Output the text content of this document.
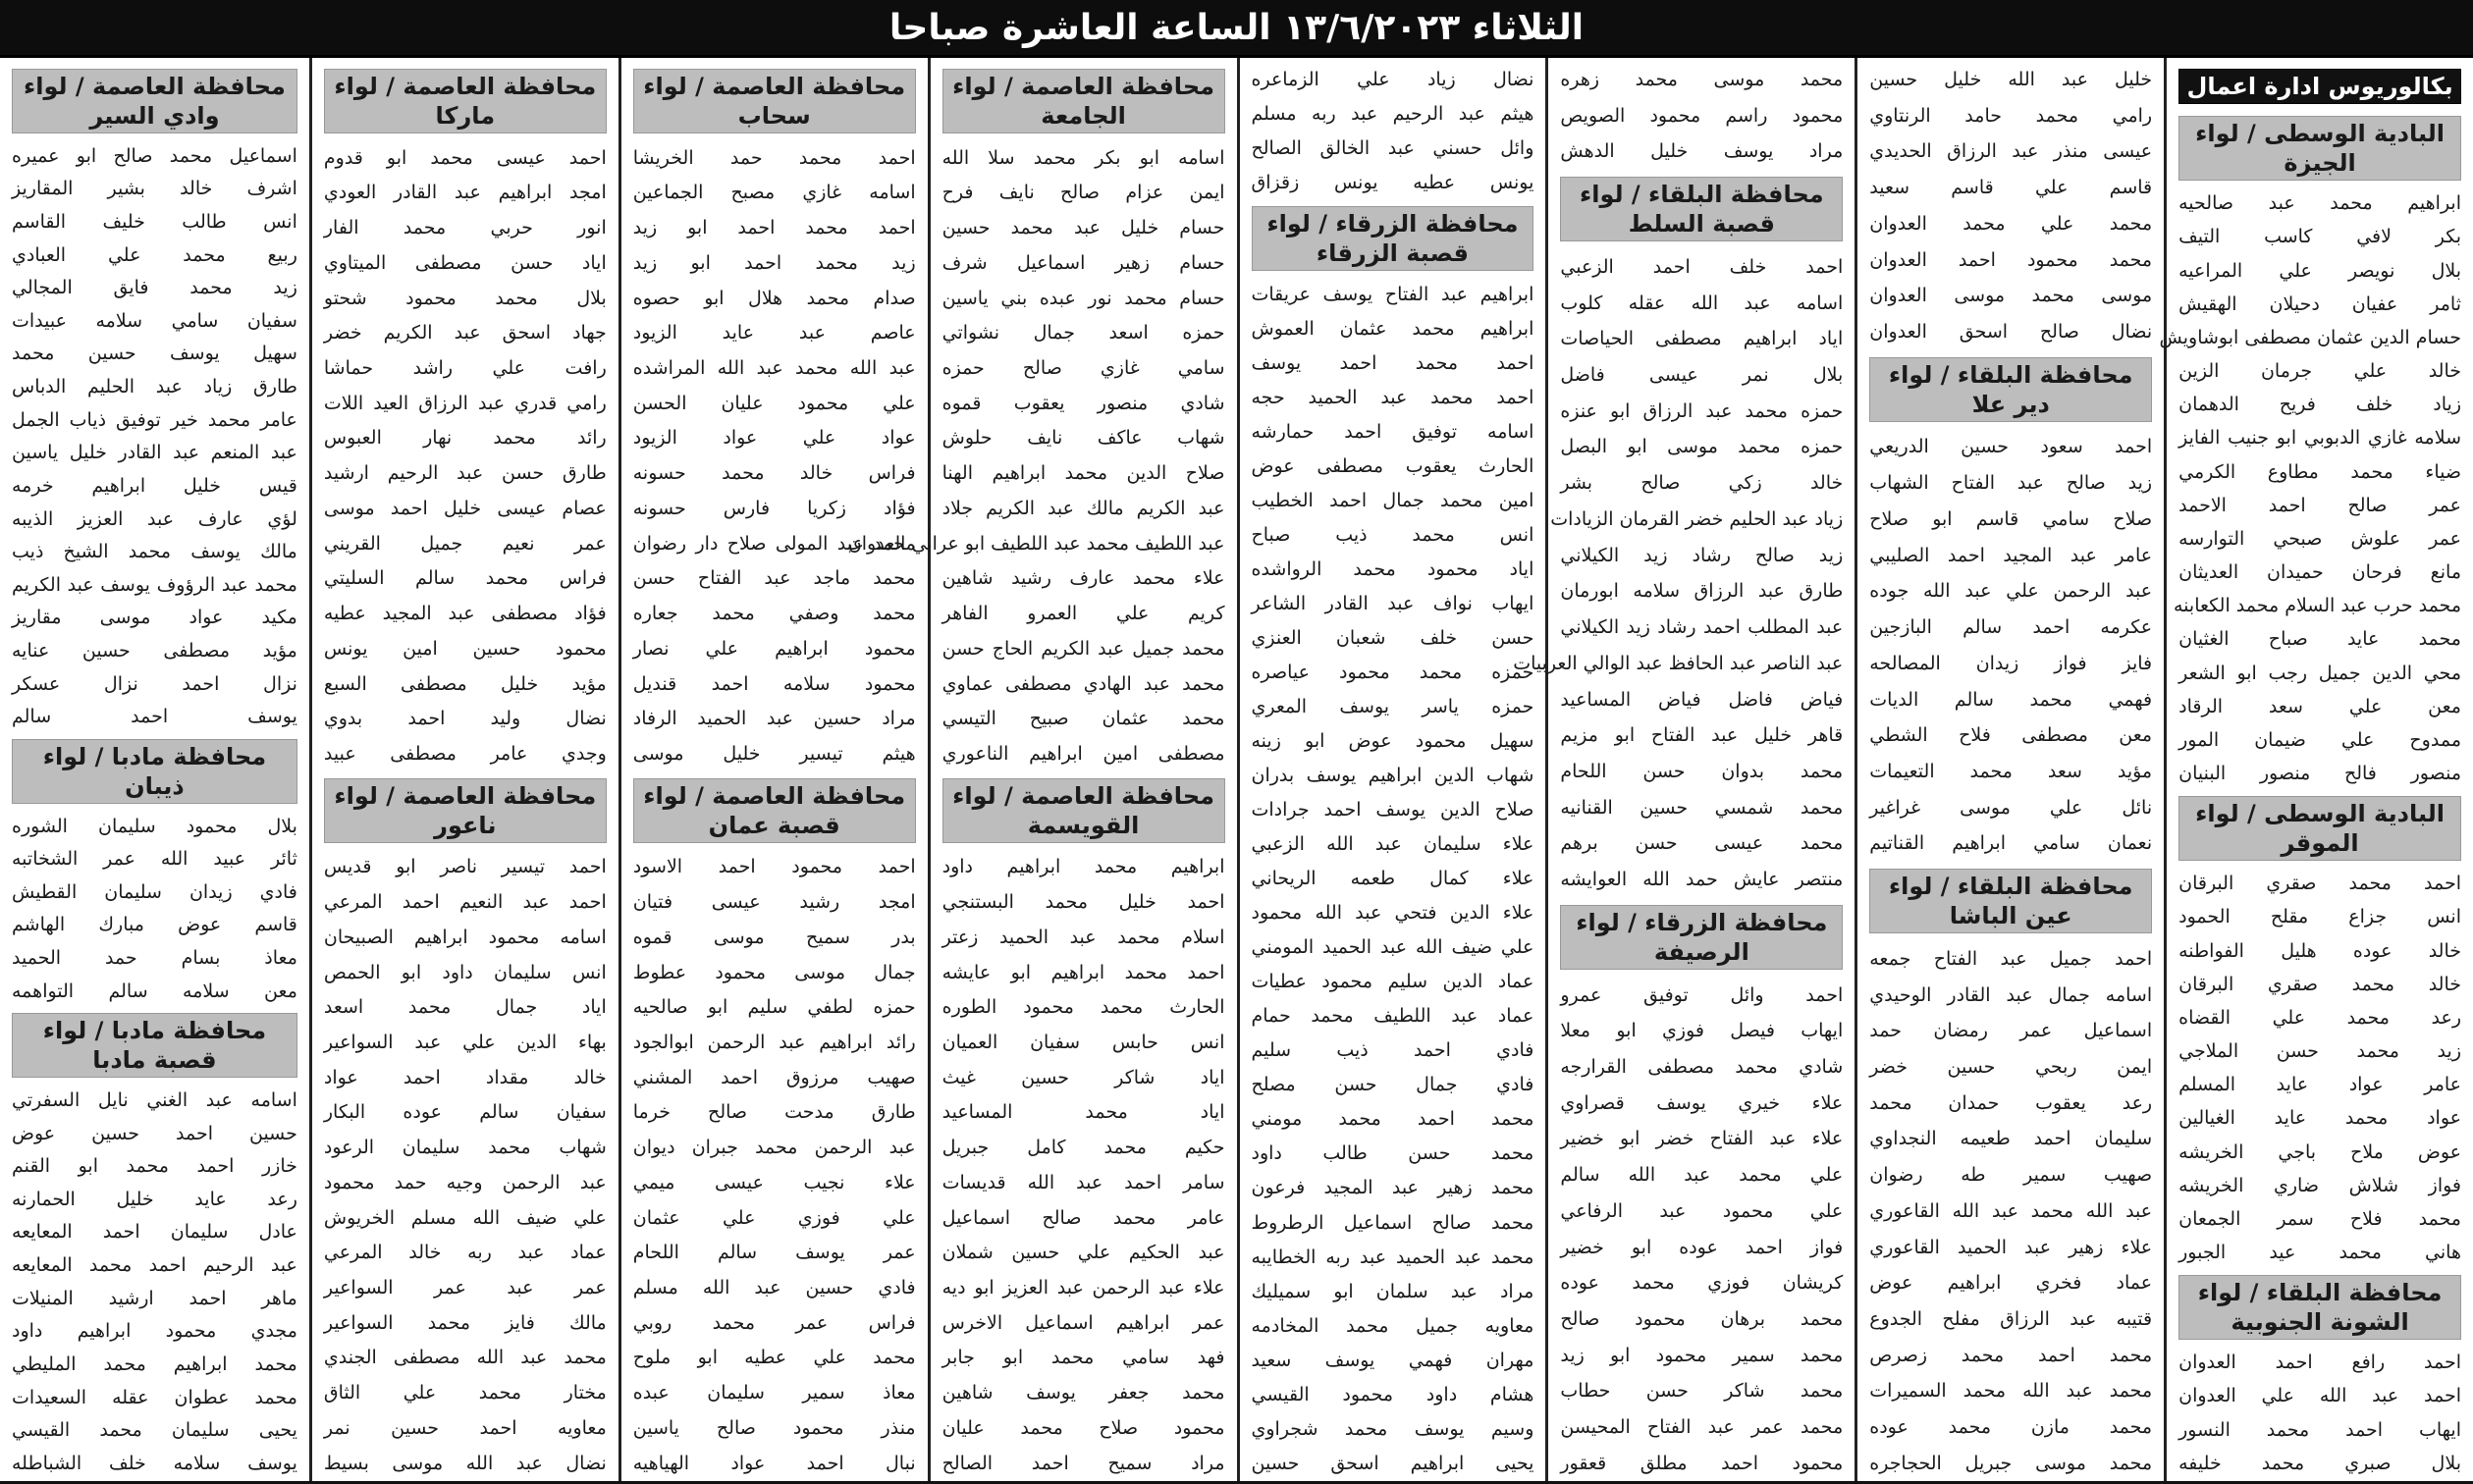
الثلاثاء ١٣/٦/٢٠٢٣ الساعة العاشرة صباحا
بكالوريوس ادارة اعمال
البادية الوسطى / لواء الجيزة
ابراهيم محمد عبد صالحيه
بكر لافي كاسب التيف
بلال نويصر علي المراعيه
ثامر عفيان دحيلان الهقيش
حسام الدين عثمان مصطفى ابوشاويش
خالد علي جرمان الزين
زياد خلف فريح الدهمان
سلامه غازي الدبوبي ابو جنيب الفايز
ضياء محمد مطاوع الكرمي
عمر صالح احمد الاحمد
عمر علوش صبحي التوارسه
مانع فرحان حميدان العديثان
محمد حرب عبد السلام محمد الكعابنه
محمد عايد صباح الغثيان
محي الدين جميل رجب ابو الشعر
معن علي سعد الرقاد
ممدوح علي ضيمان المور
منصور فالح منصور البنيان
البادية الوسطى / لواء الموقر
احمد محمد صقري البرقان
انس جزاع مقلح الحمود
خالد عوده هليل الفواطنه
خالد محمد صقري البرقان
رعد محمد علي القضاه
زيد محمد حسن الملاجي
عامر عواد عايد المسلم
عواد محمد عايد الغيالين
عوض ملاح باجي الخريشه
فواز شلاش ضاري الخريشه
محمد فلاح سمر الجمعان
هاني محمد عيد الجبور
محافظة البلقاء / لواء الشونة الجنوبية
احمد رافع احمد العدوان
احمد عبد الله علي العدوان
ايهاب احمد محمد النسور
بلال صبري محمد خليفه
خليل عبد الله خليل حسين
رامي محمد حامد الرنتاوي
عيسى منذر عبد الرزاق الحديدي
قاسم علي قاسم سعيد
محمد علي محمد العدوان
محمد محمود احمد العدوان
موسى محمد موسى العدوان
نضال صالح اسحق العدوان
محافظة البلقاء / لواء دير علا
احمد سعود حسين الدريعي
زيد صالح عبد الفتاح الشهاب
صلاح سامي قاسم ابو صلاح
عامر عبد المجيد احمد الصليبي
عبد الرحمن علي عبد الله جوده
عكرمه احمد سالم البازجين
فايز فواز زيدان المصالحه
فهمي محمد سالم الديات
معن مصطفى فلاح الشطي
مؤيد سعد محمد التعيمات
نائل علي موسى غراغير
نعمان سامي ابراهيم القناتيم
محافظة البلقاء / لواء عين الباشا
احمد جميل عبد الفتاح جمعه
اسامه جمال عبد القادر الوحيدي
اسماعيل عمر رمضان حمد
ايمن ربحي حسين خضر
رعد يعقوب حمدان محمد
سليمان احمد طعيمه النجداوي
صهيب سمير طه رضوان
عبد الله محمد عبد الله القاعوري
علاء زهير عبد الحميد القاعوري
عماد فخري ابراهيم عوض
قتيبه عبد الرزاق مفلح الجدوع
محمد احمد محمد زصرص
محمد عبد الله محمد السميرات
محمد مازن محمد عوده
محمد موسى جبريل الحجاجره
محمد موسى محمد زهره
محمود راسم محمود الصويص
مراد يوسف خليل الدهش
محافظة البلقاء / لواء قصبة السلط
احمد خلف احمد الزعبي
اسامه عبد الله عقله كلوب
اياد ابراهيم مصطفى الحياصات
بلال نمر عيسى فاضل
حمزه محمد عبد الرزاق ابو عنزه
حمزه محمد موسى ابو البصل
خالد زكي صالح بشر
زياد عبد الحليم خضر القرمان الزيادات
زيد صالح رشاد زيد الكيلاني
طارق عبد الرزاق سلامه ابورمان
عبد المطلب احمد رشاد زيد الكيلاني
عبد الناصر عبد الحافظ عبد الوالي العربيات
فياض فاضل فياض المساعيد
قاهر خليل عبد الفتاح ابو مزيم
محمد بدوان حسن اللحام
محمد شمسي حسين القنانيه
محمد عيسى حسن برهم
منتصر عايش حمد الله العوايشه
محافظة الزرقاء / لواء الرصيفة
احمد وائل توفيق عمرو
ايهاب فيصل فوزي ابو معلا
شادي محمد مصطفى القرارجه
علاء خيري يوسف قصراوي
علاء عبد الفتاح خضر ابو خضير
علي محمد عبد الله سالم
علي محمود عبد الرفاعي
فواز احمد عوده ابو خضير
كريشان فوزي محمد عوده
محمد برهان محمود صالح
محمد سمير محمود ابو زيد
محمد شاكر حسن حطاب
محمد عمر عبد الفتاح المحيسن
محمود احمد مطلق قعقور
نضال زياد علي الزماعره
هيثم عبد الرحيم عبد ربه مسلم
وائل حسني عبد الخالق الصالح
يونس عطيه يونس زقزاق
محافظة الزرقاء / لواء قصبة الزرقاء
ابراهيم عبد الفتاح يوسف عريقات
ابراهيم محمد عثمان العموش
احمد محمد احمد يوسف
احمد محمد عبد الحميد حجه
اسامه توفيق احمد حمارشه
الحارث يعقوب مصطفى عوض
امين محمد جمال احمد الخطيب
انس محمد ذيب صباح
اياد محمود محمد الرواشده
ايهاب نواف عبد القادر الشاعر
حسن خلف شعبان العنزي
حمزه محمد محمود عياصره
حمزه ياسر يوسف المعري
سهيل محمود عوض ابو زينه
شهاب الدين ابراهيم يوسف بدران
صلاح الدين يوسف احمد جرادات
علاء سليمان عبد الله الزعبي
علاء كمال طعمه الريحاني
علاء الدين فتحي عبد الله محمود
علي ضيف الله عبد الحميد المومني
عماد الدين سليم محمود عطيات
عماد عبد اللطيف محمد حمام
فادي احمد ذيب سليم
فادي جمال حسن مصلح
محمد احمد محمد مومني
محمد حسن طالب داود
محمد زهير عبد المجيد فرعون
محمد صالح اسماعيل الرطروط
محمد عبد الحميد عبد ربه الخطايبه
مراد عبد سلمان ابو سميليك
معاويه جميل محمد المخادمه
مهران فهمي يوسف سعيد
هشام داود محمود القيسي
وسيم يوسف محمد شجراوي
يحيى ابراهيم اسحق حسين
محافظة العاصمة / لواء الجامعة
اسامه ابو بكر محمد سلا الله
ايمن عزام صالح نايف فرح
حسام خليل عبد محمد حسين
حسام زهير اسماعيل شرف
حسام محمد نور عبده بني ياسين
حمزه اسعد جمال نشواتي
سامي غازي صالح حمزه
شادي منصور يعقوب قموه
شهاب عاكف نايف حلوش
صلاح الدين محمد ابراهيم الهنا
عبد الكريم مالك عبد الكريم جلاد
عبد اللطيف محمد عبد اللطيف ابو عرابي العدوان
علاء محمد عارف رشيد شاهين
كريم علي العمرو الفاهر
محمد جميل عبد الكريم الحاج حسن
محمد عبد الهادي مصطفى عماوي
محمد عثمان صبيح التيسي
مصطفى امين ابراهيم الناعوري
محافظة العاصمة / لواء القويسمة
ابراهيم محمد ابراهيم داود
احمد خليل محمد البستنجي
اسلام محمد عبد الحميد زعتر
احمد محمد ابراهيم ابو عايشه
الحارث محمد محمود الطوره
انس حابس سفيان العميان
اياد شاكر حسين غيث
اياد محمد المساعيد
حكيم محمد كامل جبريل
سامر احمد عبد الله قديسات
عامر محمد صالح اسماعيل
عبد الحكيم علي حسين شملان
علاء عبد الرحمن عبد العزيز ابو ديه
عمر ابراهيم اسماعيل الاخرس
فهد سامي محمد ابو جابر
محمد جعفر يوسف شاهين
محمود صلاح محمد عليان
مراد سميح احمد الصالح
محافظة العاصمة / لواء سحاب
احمد محمد حمد الخريشا
اسامه غازي مصبح الجماعين
احمد محمد احمد ابو زيد
زيد محمد احمد ابو زيد
صدام محمد هلال ابو حصوه
عاصم عبد عايد الزيود
عبد الله محمد عبد الله المراشده
علي محمود عليان الحسن
عواد علي عواد الزيود
فراس خالد محمد حسونه
فؤاد زكريا فارس حسونه
محمد عبد المولى صلاح دار رضوان
محمد ماجد عبد الفتاح حسن
محمد وصفي محمد جعاره
محمود ابراهيم علي نصار
محمود سلامه احمد قنديل
مراد حسين عبد الحميد الرفاد
هيثم تيسير خليل موسى
محافظة العاصمة / لواء قصبة عمان
احمد محمود احمد الاسود
امجد رشيد عيسى فتيان
بدر سميح موسى قموه
جمال موسى محمود عطوط
حمزه لطفي سليم ابو صالحيه
رائد ابراهيم عبد الرحمن ابوالجود
صهيب مرزوق احمد المشني
طارق مدحت صالح خرما
عبد الرحمن محمد جبران ديوان
علاء نجيب عيسى ميمي
علي فوزي علي عثمان
عمر يوسف سالم اللحام
فادي حسين عبد الله مسلم
فراس عمر محمد روبي
محمد علي عطيه ابو ملوح
معاذ سمير سليمان عبده
منذر محمود صالح ياسين
نبال احمد عواد الهياهيه
محافظة العاصمة / لواء ماركا
احمد عيسى محمد ابو قدوم
امجد ابراهيم عبد القادر العودي
انور حربي محمد الفار
اياد حسن مصطفى الميتاوي
بلال محمد محمود شحتو
جهاد اسحق عبد الكريم خضر
رافت علي راشد حماشا
رامي قدري عبد الرزاق العيد اللات
رائد محمد نهار العبوس
طارق حسن عبد الرحيم ارشيد
عصام عيسى خليل احمد موسى
عمر نعيم جميل القريني
فراس محمد سالم السليتي
فؤاد مصطفى عبد المجيد عطيه
محمود حسين امين يونس
مؤيد خليل مصطفى السبع
نضال وليد احمد بدوي
وجدي عامر مصطفى عبيد
محافظة العاصمة / لواء ناعور
احمد تيسير ناصر ابو قديس
احمد عبد النعيم احمد المرعي
اسامه محمود ابراهيم الصبيحان
انس سليمان داود ابو الحمص
اياد جمال محمد اسعد
بهاء الدين علي عبد السواعير
خالد مقداد احمد عواد
سفيان سالم عوده البكار
شهاب محمد سليمان الرعود
عبد الرحمن وجيه حمد محمود
علي ضيف الله مسلم الخريوش
عماد عبد ربه خالد المرعي
عمر عبد عمر السواعير
مالك فايز محمد السواعير
محمد عبد الله مصطفى الجندي
مختار محمد علي الثاق
معاويه احمد حسين نمر
نضال عبد الله موسى بسيط
محافظة العاصمة / لواء وادي السير
اسماعيل محمد صالح ابو عميره
اشرف خالد بشير المقاريز
انس طالب خليف القاسم
ربيع محمد علي العبادي
زيد محمد فايق المجالي
سفيان سامي سلامه عبيدات
سهيل يوسف حسين محمد
طارق زياد عبد الحليم الدباس
عامر محمد خير توفيق ذياب الجمل
عبد المنعم عبد القادر خليل ياسين
قيس خليل ابراهيم خرمه
لؤي عارف عبد العزيز الذيبه
مالك يوسف محمد الشيخ ذيب
محمد عبد الرؤوف يوسف عبد الكريم
مكيد عواد موسى مقاريز
مؤيد مصطفى حسين عنايه
نزال احمد نزال عسكر
يوسف احمد سالم
محافظة مادبا / لواء ذيبان
بلال محمود سليمان الشوره
ثائر عبيد الله عمر الشخاتبه
فادي زيدان سليمان القطيش
قاسم عوض مبارك الهاشم
معاذ بسام حمد الحميد
معن سلامه سالم التواهمه
محافظة مادبا / لواء قصبة مادبا
اسامه عبد الغني نايل السفرتي
حسين احمد حسين عوض
خازر احمد محمد ابو القنم
رعد عايد خليل الحمارنه
عادل سليمان احمد المعايعه
عبد الرحيم احمد محمد المعايعه
ماهر احمد ارشيد المنيلات
مجدي محمود ابراهيم داود
محمد ابراهيم محمد المليطي
محمد عطوان عقله السعيدات
يحيى سليمان محمد القيسي
يوسف سلامه خلف الشباطله
